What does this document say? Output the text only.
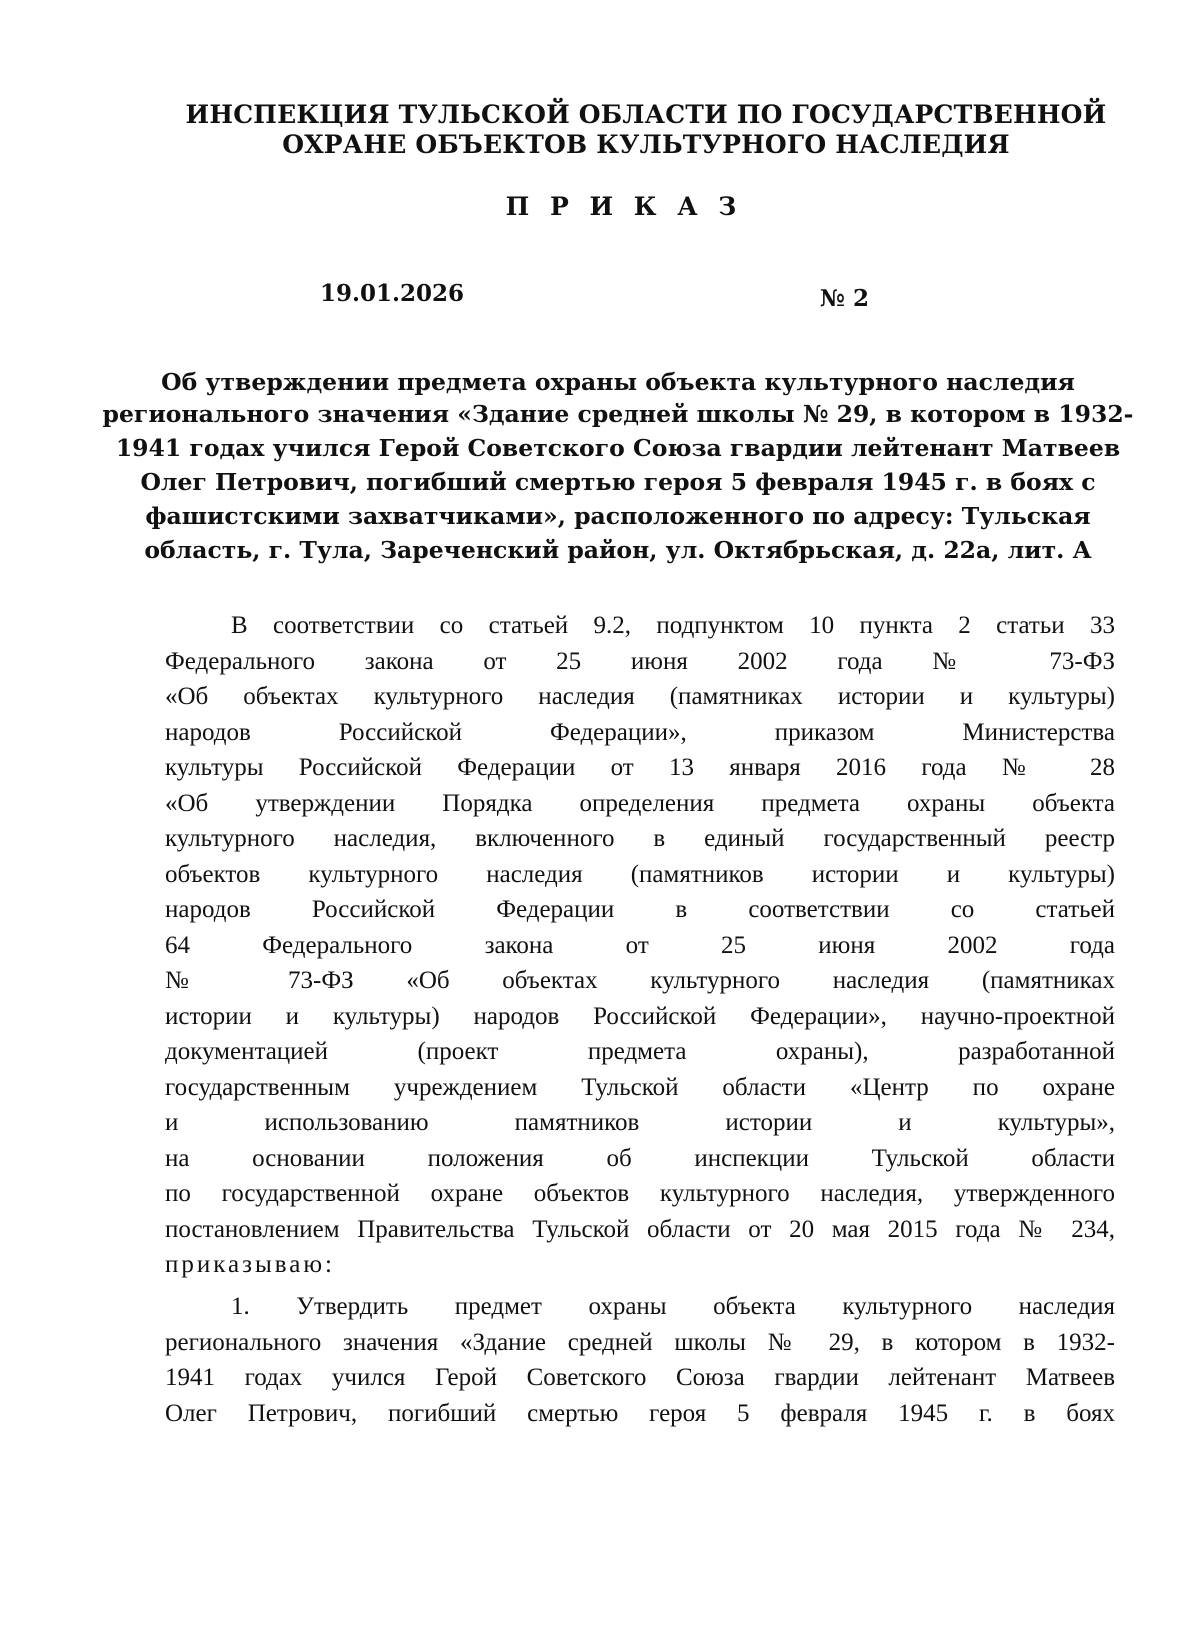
ИНСПЕКЦИЯ ТУЛЬСКОЙ ОБЛАСТИ ПО ГОСУДАРСТВЕННОЙ
ОХРАНЕ ОБЪЕКТОВ КУЛЬТУРНОГО НАСЛЕДИЯ
П Р И К А З
19.01.2026	№ 2
Об утверждении предмета охраны объекта культурного наследия
регионального значения «Здание средней школы № 29, в котором в 1932-
1941 годах учился Герой Советского Союза гвардии лейтенант Матвеев
Олег Петрович, погибший смертью героя 5 февраля 1945 г. в боях с
фашистскими захватчиками», расположенного по адресу: Тульская
область, г. Тула, Зареченский район, ул. Октябрьская, д. 22а, лит. А
В соответствии со статьей 9.2, подпунктом 10 пункта 2 статьи 33
Федерального закона от 25 июня 2002 года № 73-ФЗ
«Об объектах культурного наследия (памятниках истории и культуры)
народов Российской Федерации», приказом Министерства
культуры Российской Федерации от 13 января 2016 года № 28
«Об утверждении Порядка определения предмета охраны объекта
культурного наследия, включенного в единый государственный реестр
объектов культурного наследия (памятников истории и культуры)
народов Российской Федерации в соответствии со статьей
64 Федерального закона от 25 июня 2002 года
№ 73-ФЗ «Об объектах культурного наследия (памятниках
истории и культуры) народов Российской Федерации», научно-проектной
документацией (проект предмета охраны), разработанной
государственным учреждением Тульской области «Центр по охране
и использованию памятников истории и культуры»,
на основании положения об инспекции Тульской области
по государственной охране объектов культурного наследия, утвержденного
постановлением Правительства Тульской области от 20 мая 2015 года № 234,
приказываю:
1. Утвердить предмет охраны объекта культурного наследия
регионального значения «Здание средней школы № 29, в котором в 1932-
1941 годах учился Герой Советского Союза гвардии лейтенант Матвеев
Олег Петрович, погибший смертью героя 5 февраля 1945 г. в боях
